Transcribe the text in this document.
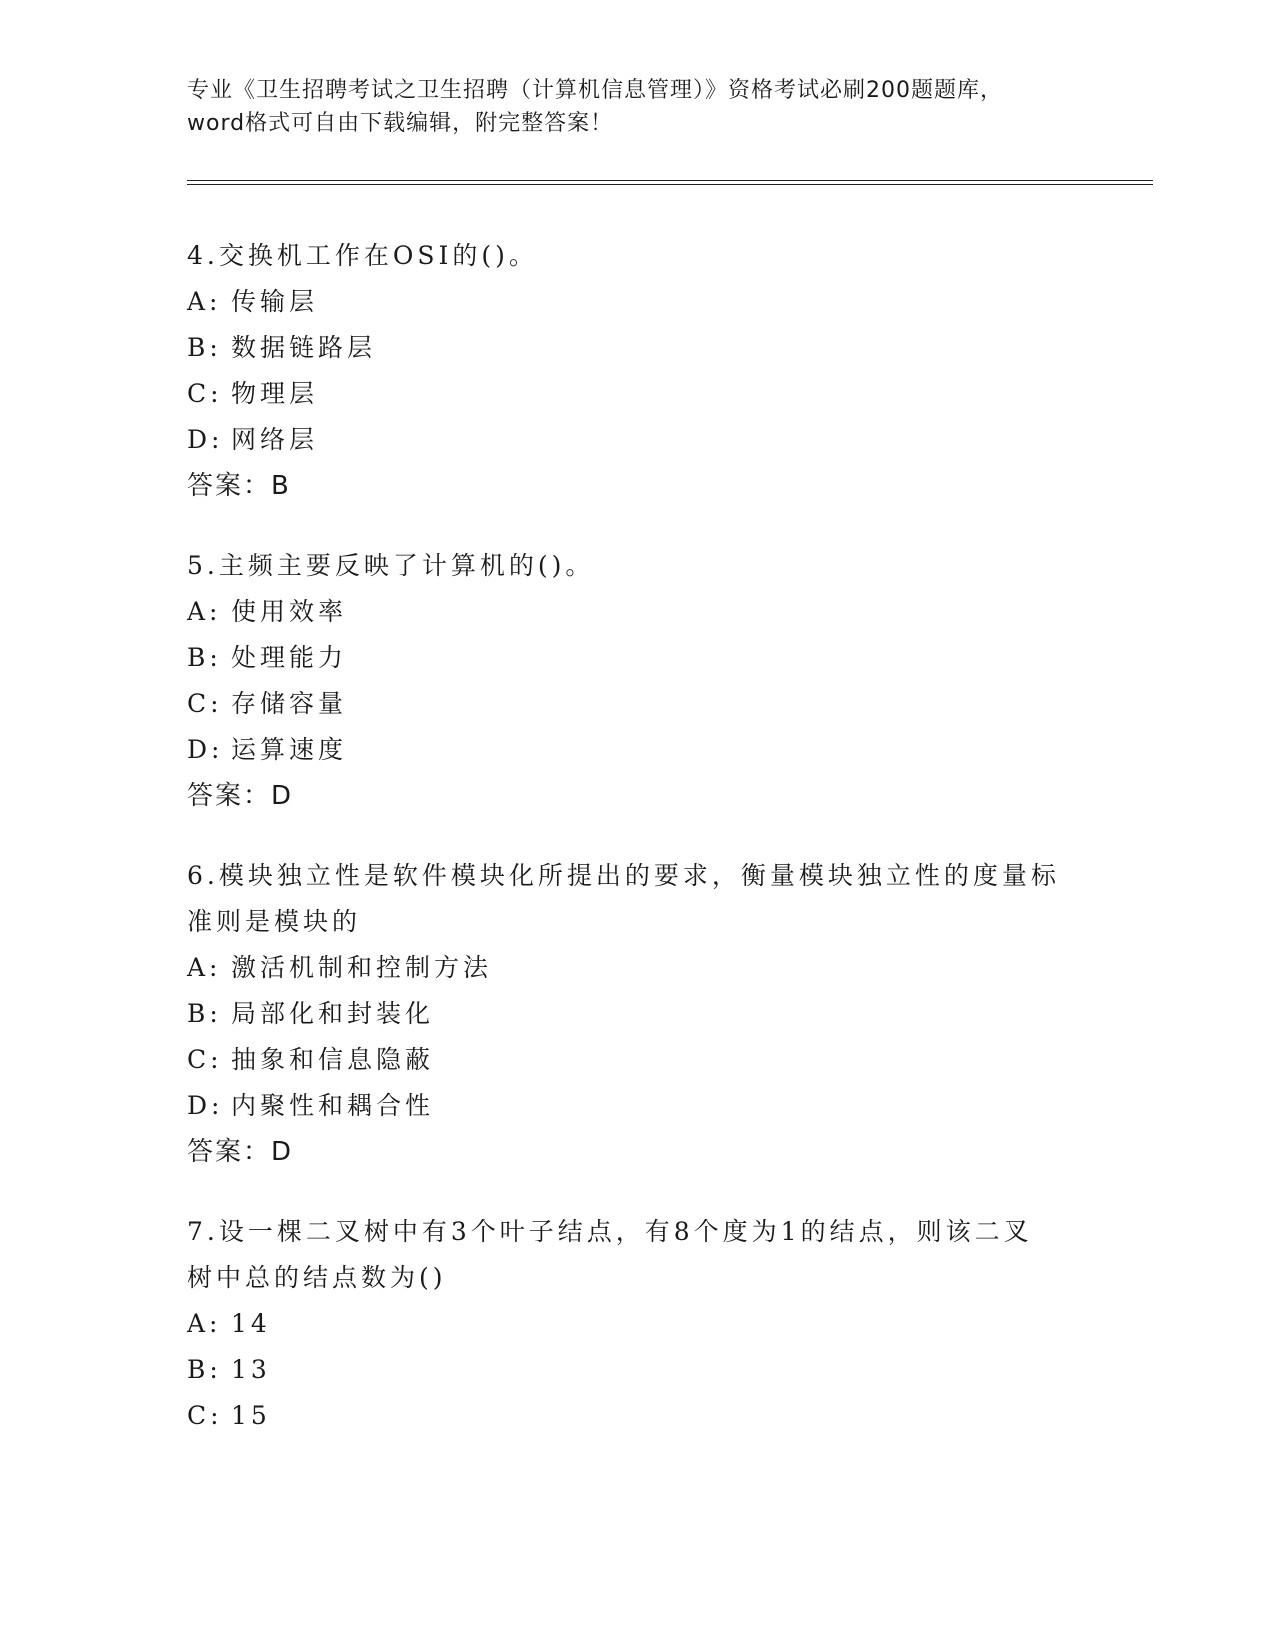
专业《卫生招聘考试之卫生招聘（计算机信息管理）》资格考试必刷200题题库，
word格式可自由下载编辑，附完整答案！
4.交换机工作在OSI的()。
A: 传输层
B: 数据链路层
C: 物理层
D: 网络层
答案：B
5.主频主要反映了计算机的()。
A: 使用效率
B: 处理能力
C: 存储容量
D: 运算速度
答案：D
6.模块独立性是软件模块化所提出的要求，衡量模块独立性的度量标
准则是模块的
A: 激活机制和控制方法
B: 局部化和封装化
C: 抽象和信息隐蔽
D: 内聚性和耦合性
答案：D
7.设一棵二叉树中有3个叶子结点，有8个度为1的结点，则该二叉
树中总的结点数为()
A: 14
B: 13
C: 15
